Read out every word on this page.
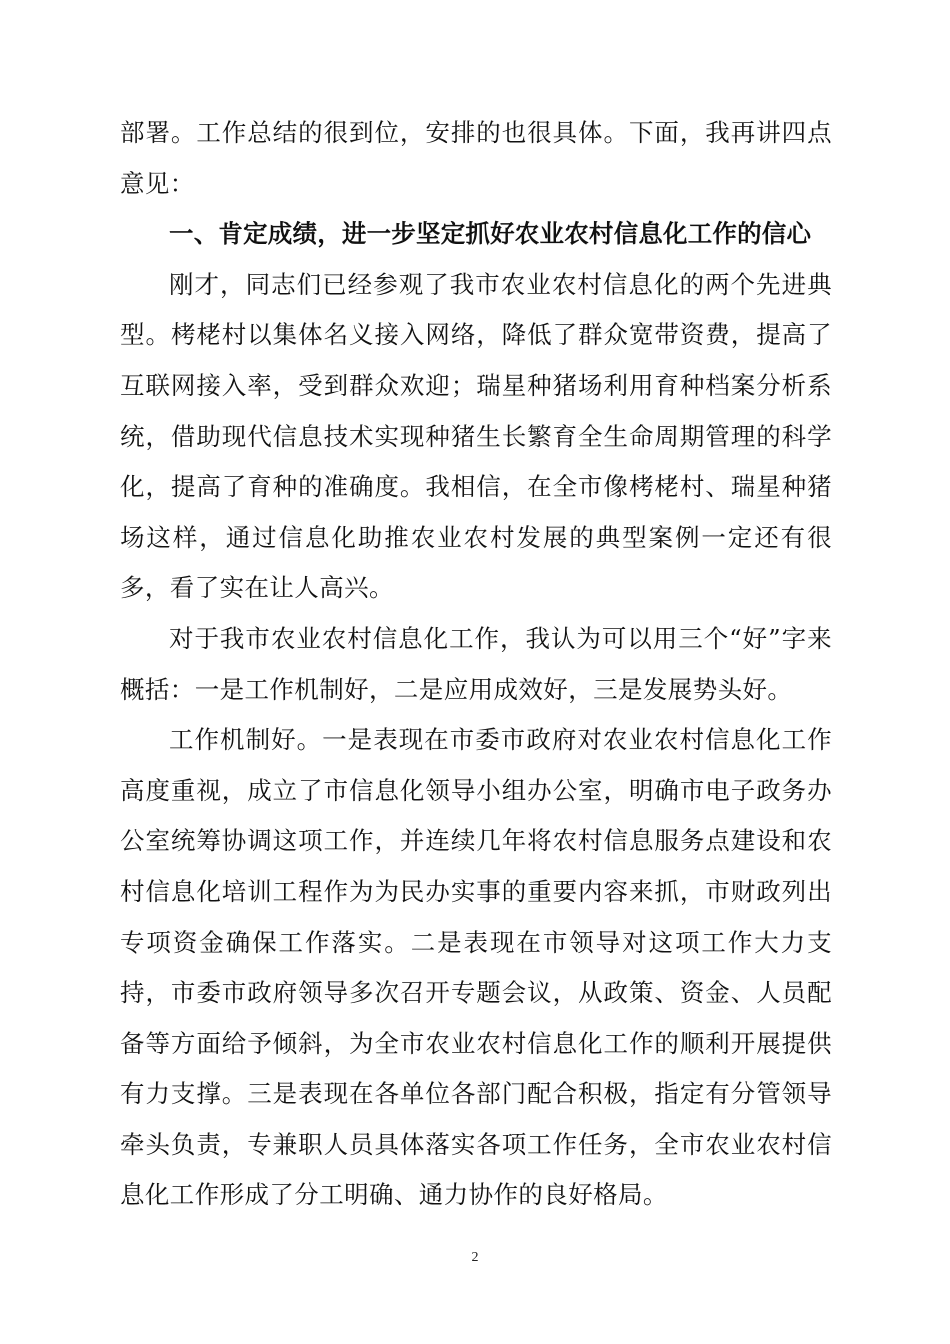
部署。工作总结的很到位，安排的也很具体。下面，我再讲四点意见：

一、肯定成绩，进一步坚定抓好农业农村信息化工作的信心

刚才，同志们已经参观了我市农业农村信息化的两个先进典型。栲栳村以集体名义接入网络，降低了群众宽带资费，提高了互联网接入率，受到群众欢迎；瑞星种猪场利用育种档案分析系统，借助现代信息技术实现种猪生长繁育全生命周期管理的科学化，提高了育种的准确度。我相信，在全市像栲栳村、瑞星种猪场这样，通过信息化助推农业农村发展的典型案例一定还有很多，看了实在让人高兴。

对于我市农业农村信息化工作，我认为可以用三个“好”字来概括：一是工作机制好，二是应用成效好，三是发展势头好。

工作机制好。一是表现在市委市政府对农业农村信息化工作高度重视，成立了市信息化领导小组办公室，明确市电子政务办公室统筹协调这项工作，并连续几年将农村信息服务点建设和农村信息化培训工程作为为民办实事的重要内容来抓，市财政列出专项资金确保工作落实。二是表现在市领导对这项工作大力支持，市委市政府领导多次召开专题会议，从政策、资金、人员配备等方面给予倾斜，为全市农业农村信息化工作的顺利开展提供有力支撑。三是表现在各单位各部门配合积极，指定有分管领导牵头负责，专兼职人员具体落实各项工作任务，全市农业农村信息化工作形成了分工明确、通力协作的良好格局。

2
